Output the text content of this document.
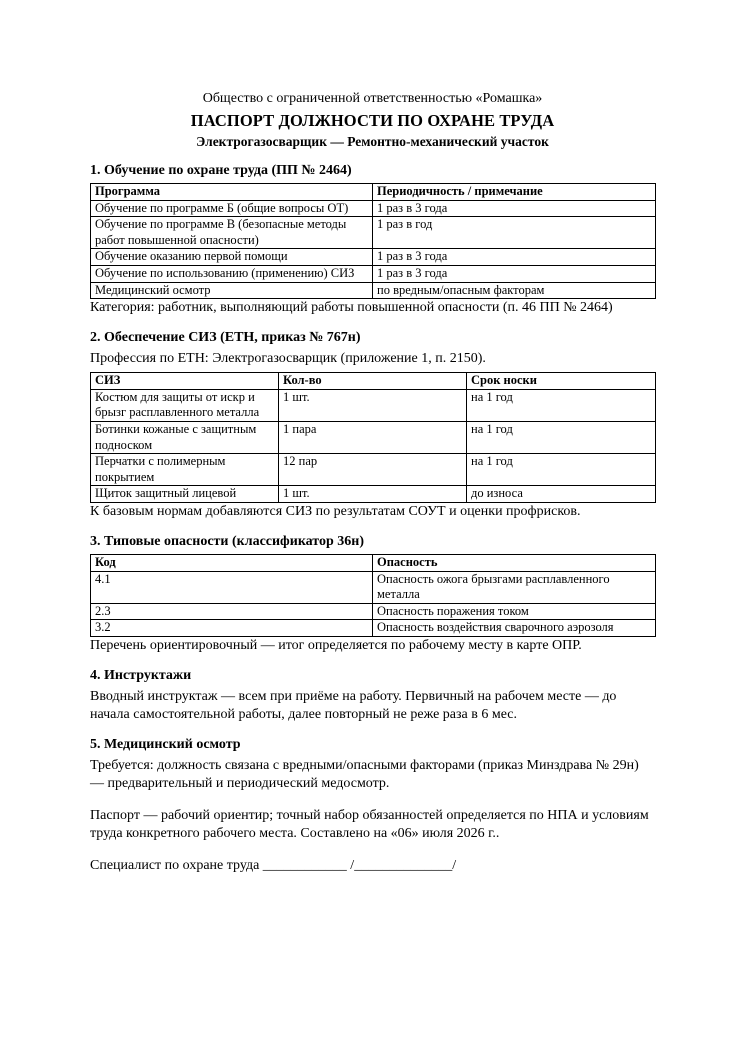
Общество с ограниченной ответственностью «Ромашка»
ПАСПОРТ ДОЛЖНОСТИ ПО ОХРАНЕ ТРУДА
Электрогазосварщик — Ремонтно-механический участок
1. Обучение по охране труда (ПП № 2464)
Программа	Периодичность / примечание
Обучение по программе Б (общие вопросы ОТ)	1 раз в 3 года
Обучение по программе В (безопасные методы работ повышенной опасности)	1 раз в год
Обучение оказанию первой помощи	1 раз в 3 года
Обучение по использованию (применению) СИЗ	1 раз в 3 года
Медицинский осмотр	по вредным/опасным факторам
Категория: работник, выполняющий работы повышенной опасности (п. 46 ПП № 2464)
2. Обеспечение СИЗ (ЕТН, приказ № 767н)
Профессия по ЕТН: Электрогазосварщик (приложение 1, п. 2150).
СИЗ	Кол-во	Срок носки
Костюм для защиты от искр и брызг расплавленного металла	1 шт.	на 1 год
Ботинки кожаные с защитным подноском	1 пара	на 1 год
Перчатки с полимерным покрытием	12 пар	на 1 год
Щиток защитный лицевой	1 шт.	до износа
К базовым нормам добавляются СИЗ по результатам СОУТ и оценки профрисков.
3. Типовые опасности (классификатор 36н)
Код	Опасность
4.1	Опасность ожога брызгами расплавленного металла
2.3	Опасность поражения током
3.2	Опасность воздействия сварочного аэрозоля
Перечень ориентировочный — итог определяется по рабочему месту в карте ОПР.
4. Инструктажи
Вводный инструктаж — всем при приёме на работу. Первичный на рабочем месте — до начала самостоятельной работы, далее повторный не реже раза в 6 мес.
5. Медицинский осмотр
Требуется: должность связана с вредными/опасными факторами (приказ Минздрава № 29н) — предварительный и периодический медосмотр.
Паспорт — рабочий ориентир; точный набор обязанностей определяется по НПА и условиям труда конкретного рабочего места. Составлено на «06» июля 2026 г..
Специалист по охране труда ____________ /______________/
